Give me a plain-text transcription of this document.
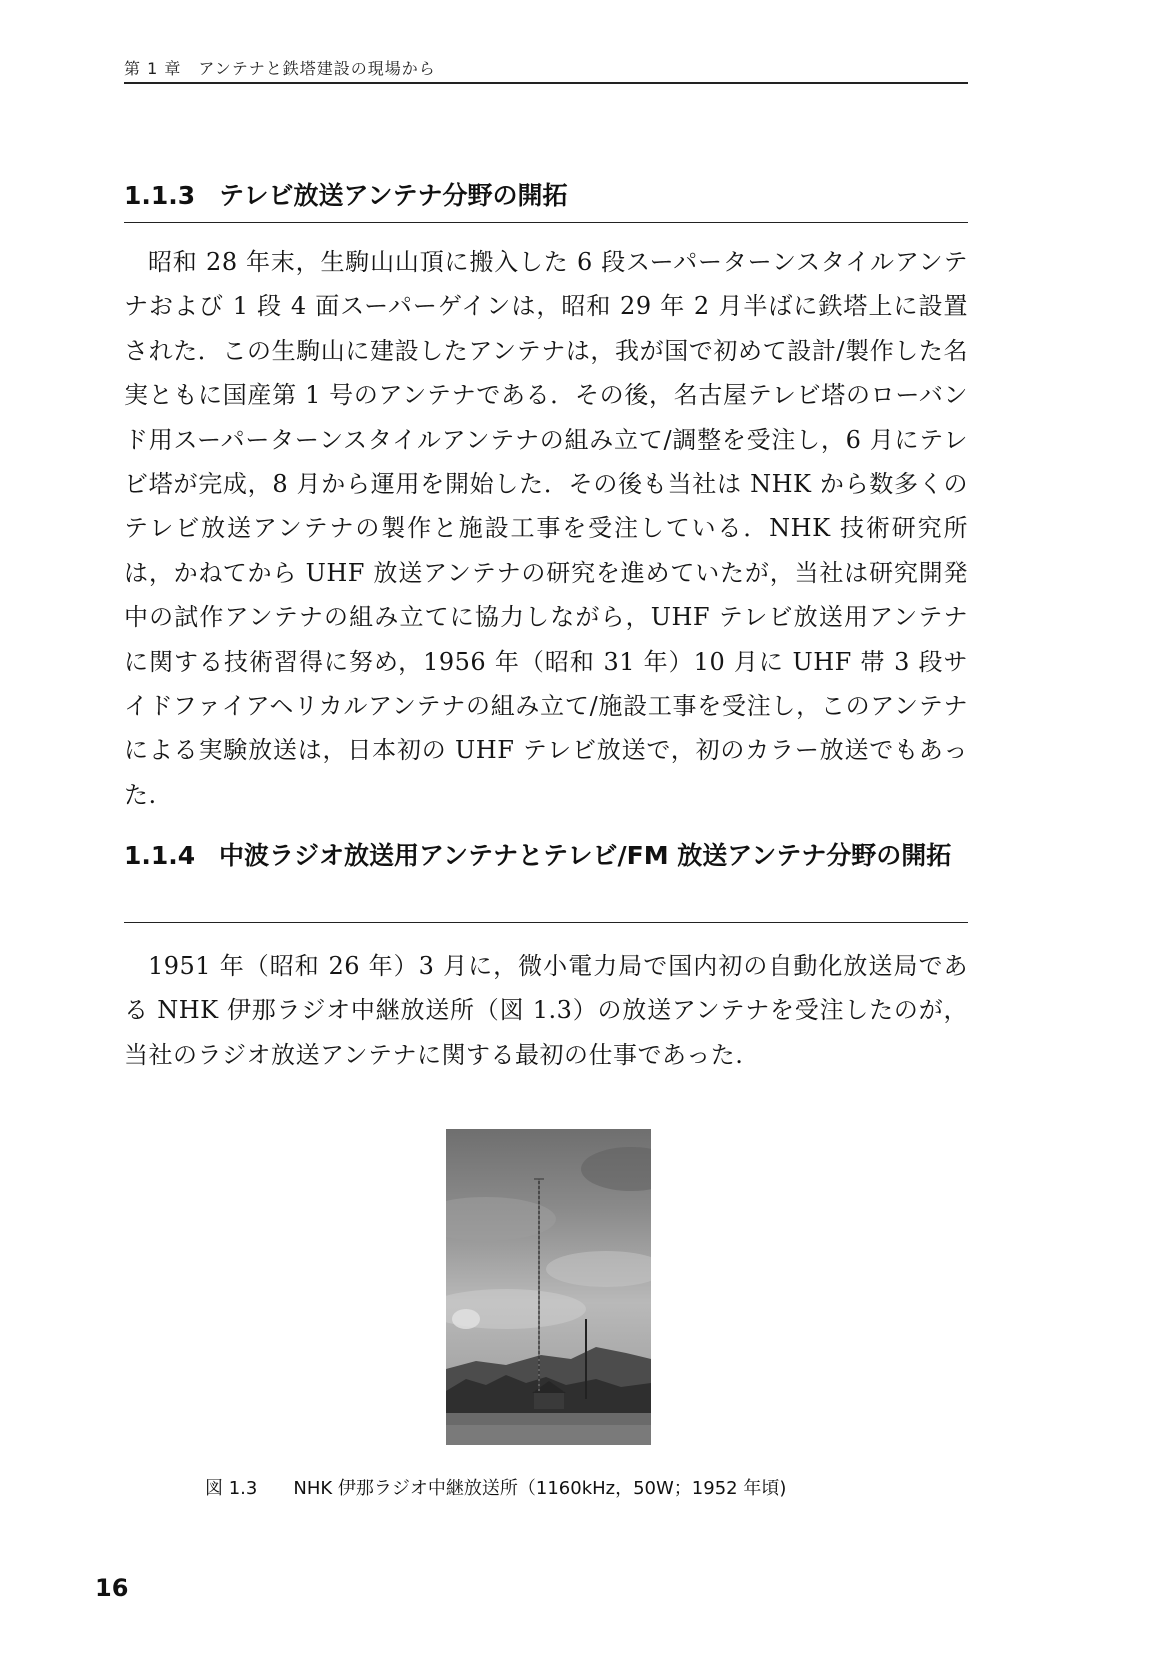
第 1 章　アンテナと鉄塔建設の現場から
1.1.3 テレビ放送アンテナ分野の開拓
昭和 28 年末，生駒山山頂に搬入した 6 段スーパーターンスタイルアンテナおよび 1 段 4 面スーパーゲインは，昭和 29 年 2 月半ばに鉄塔上に設置された．この生駒山に建設したアンテナは，我が国で初めて設計/製作した名実ともに国産第 1 号のアンテナである．その後，名古屋テレビ塔のローバンド用スーパーターンスタイルアンテナの組み立て/調整を受注し，6 月にテレビ塔が完成，8 月から運用を開始した．その後も当社は NHK から数多くのテレビ放送アンテナの製作と施設工事を受注している．NHK 技術研究所は，かねてから UHF 放送アンテナの研究を進めていたが，当社は研究開発中の試作アンテナの組み立てに協力しながら，UHF テレビ放送用アンテナに関する技術習得に努め，1956 年（昭和 31 年）10 月に UHF 帯 3 段サイドファイアヘリカルアンテナの組み立て/施設工事を受注し，このアンテナによる実験放送は，日本初の UHF テレビ放送で，初のカラー放送でもあった.
1.1.4 中波ラジオ放送用アンテナとテレビ/FM 放送アンテナ分野の開拓
1951 年（昭和 26 年）3 月に，微小電力局で国内初の自動化放送局である NHK 伊那ラジオ中継放送所（図 1.3）の放送アンテナを受注したのが，当社のラジオ放送アンテナに関する最初の仕事であった.
図 1.3 NHK 伊那ラジオ中継放送所（1160kHz，50W；1952 年頃)
16
